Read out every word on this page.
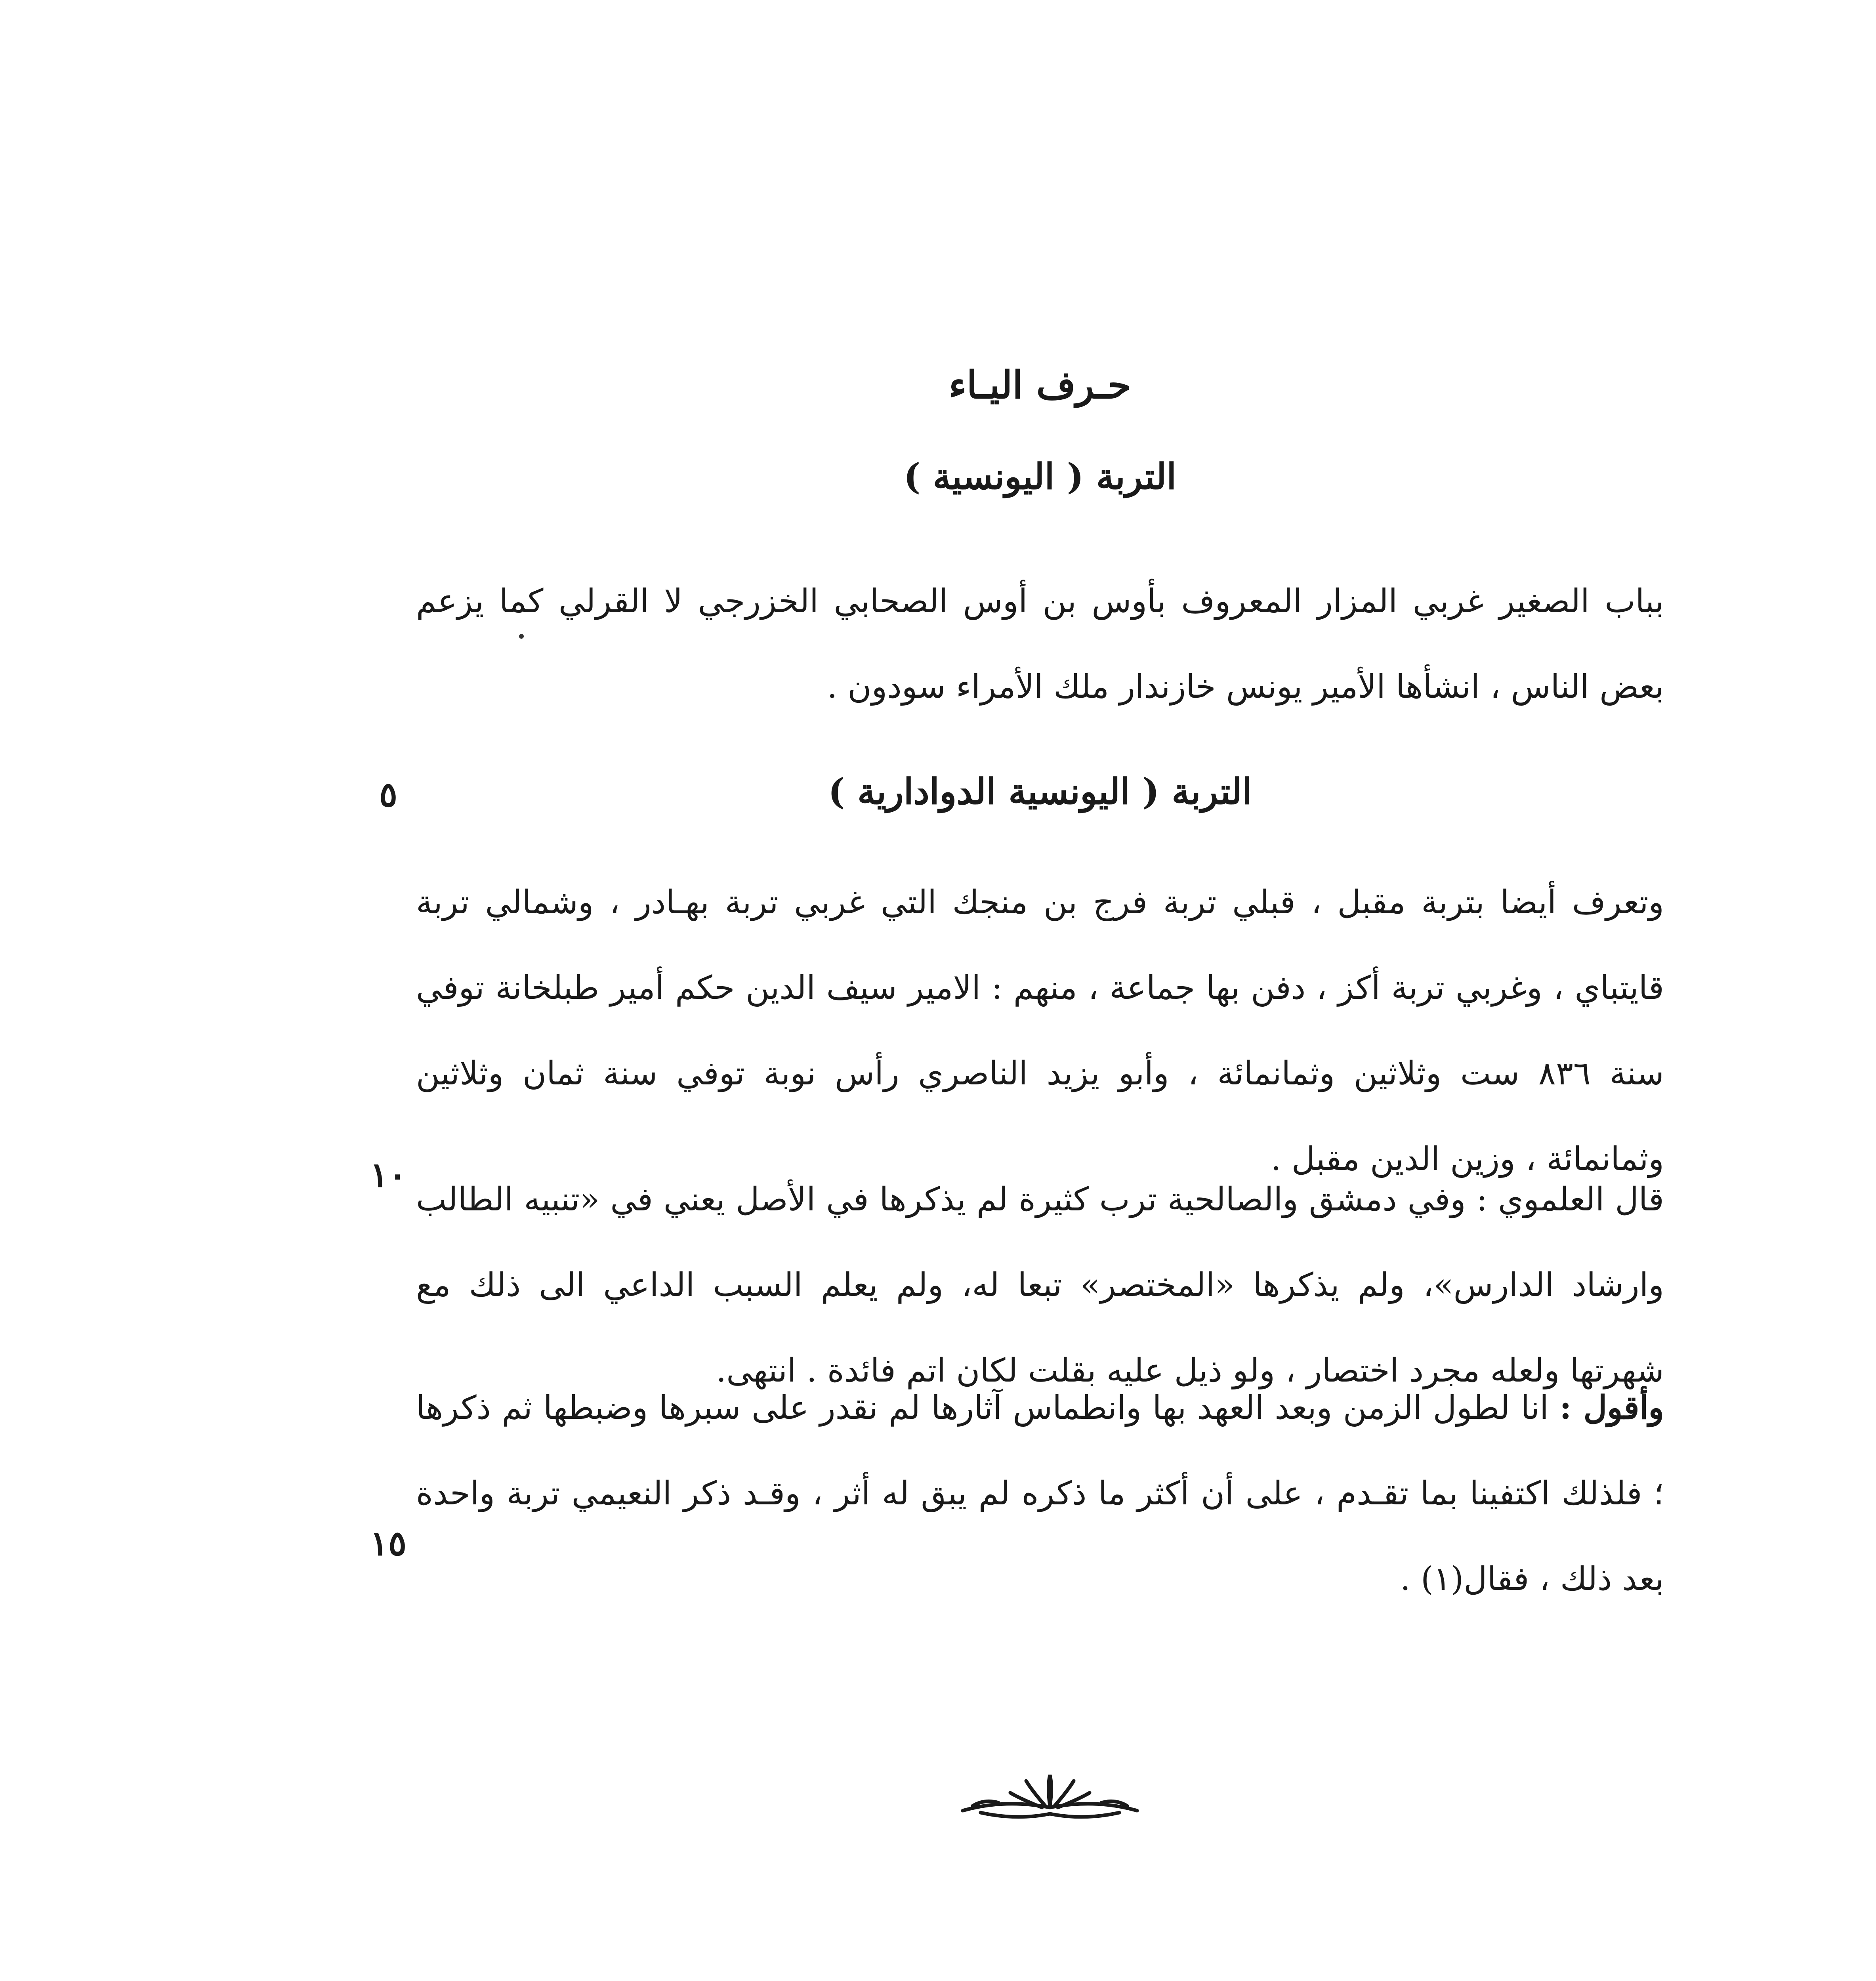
حـرف اليـاء
التربة ( اليونسية )
بباب الصغير غربي المزار المعروف بأوس بن أوس الصحابي الخزرجي لا القرلي كما يزعم بعض الناس ، انشأها الأمير يونس خازندار ملك الأمراء سودون .
التربة ( اليونسية الدوادارية )
٥
وتعرف أيضا بتربة مقبل ، قبلي تربة فرج بن منجك التي غربي تربة بهـادر ، وشمالي تربة قايتباي ، وغربي تربة أكز ، دفن بها جماعة ، منهم : الامير سيف الدين حكم أمير طبلخانة توفي سنة ٨٣٦ ست وثلاثين وثمانمائة ، وأبو يزيد الناصري رأس نوبة توفي سنة ثمان وثلاثين وثمانمائة ، وزين الدين مقبل .
١٠
قال العلموي : وفي دمشق والصالحية ترب كثيرة لم يذكرها في الأصل يعني في «تنبيه الطالب وارشاد الدارس»، ولم يذكرها «المختصر» تبعا له، ولم يعلم السبب الداعي الى ذلك مع شهرتها ولعله مجرد اختصار ، ولو ذيل عليه بقلت لكان اتم فائدة . انتهى.
وأقول : انا لطول الزمن وبعد العهد بها وانطماس آثارها لم نقدر على سبرها وضبطها ثم ذكرها ؛ فلذلك اكتفينا بما تقـدم ، على أن أكثر ما ذكره لم يبق له أثر ، وقـد ذكر النعيمي تربة واحدة بعد ذلك ، فقال(١) .
١٥
